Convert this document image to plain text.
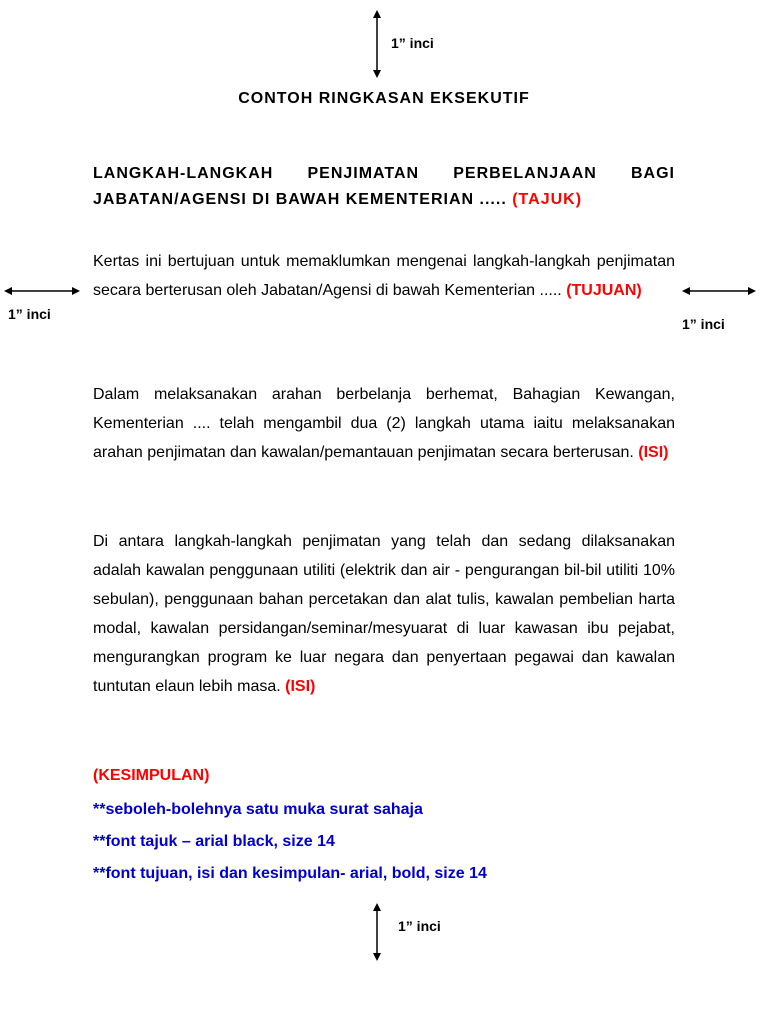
1” inci
1” inci
1” inci
CONTOH RINGKASAN EKSEKUTIF
LANGKAH-LANGKAH PENJIMATAN PERBELANJAAN BAGI JABATAN/AGENSI DI BAWAH KEMENTERIAN ..... (TAJUK)
Kertas ini bertujuan untuk memaklumkan mengenai langkah-langkah penjimatan secara berterusan oleh Jabatan/Agensi di bawah Kementerian ..... (TUJUAN)
Dalam melaksanakan arahan berbelanja berhemat, Bahagian Kewangan, Kementerian .... telah mengambil dua (2) langkah utama iaitu melaksanakan arahan penjimatan dan kawalan/pemantauan penjimatan secara berterusan. (ISI)
Di antara langkah-langkah penjimatan yang telah dan sedang dilaksanakan adalah kawalan penggunaan utiliti (elektrik dan air - pengurangan bil-bil utiliti 10% sebulan), penggunaan bahan percetakan dan alat tulis, kawalan pembelian harta modal, kawalan persidangan/seminar/mesyuarat di luar kawasan ibu pejabat, mengurangkan program ke luar negara dan penyertaan pegawai dan kawalan tuntutan elaun lebih masa. (ISI)
(KESIMPULAN)
**seboleh-bolehnya satu muka surat sahaja
**font tajuk – arial black, size 14
**font tujuan, isi dan kesimpulan- arial, bold, size 14
1” inci
